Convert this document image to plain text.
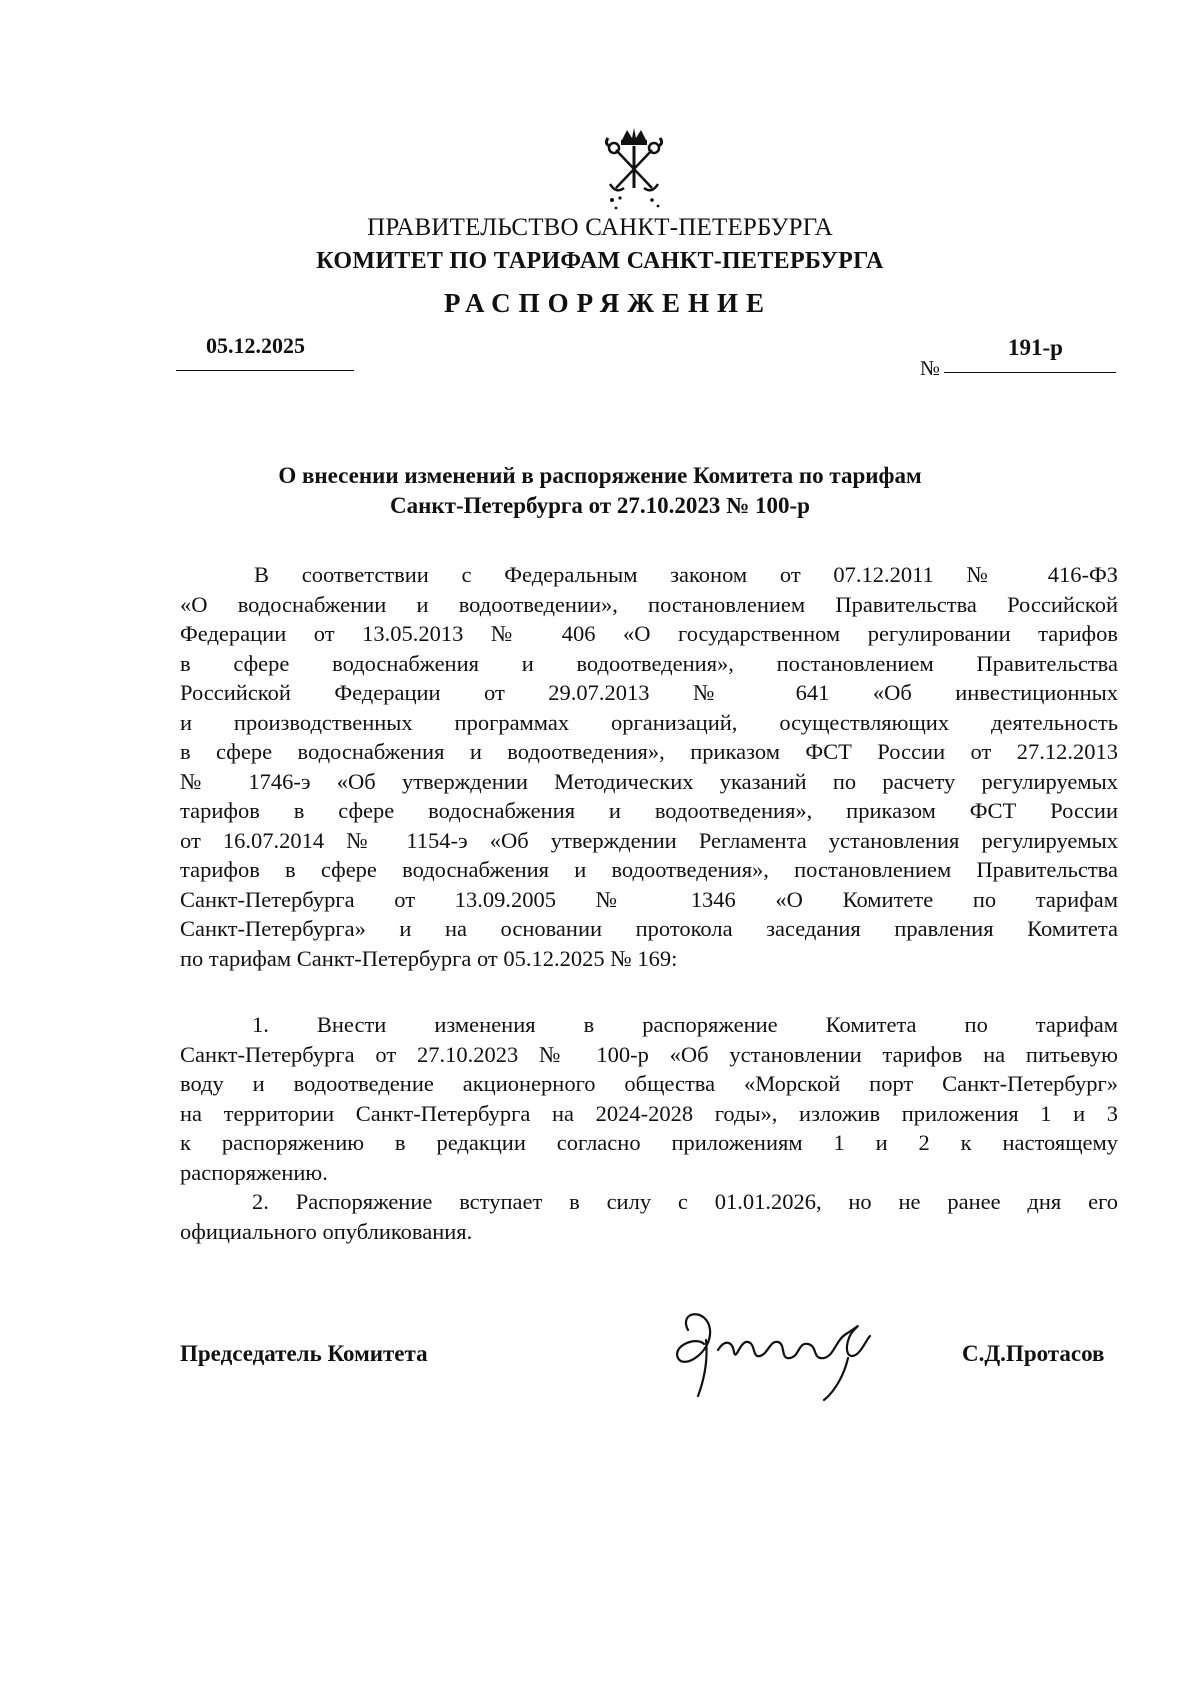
ПРАВИТЕЛЬСТВО САНКТ-ПЕТЕРБУРГА
КОМИТЕТ ПО ТАРИФАМ САНКТ-ПЕТЕРБУРГА
РАСПОРЯЖЕНИЕ
05.12.2025	191-р
№
О внесении изменений в распоряжение Комитета по тарифам
Санкт-Петербурга от 27.10.2023 № 100-р
В соответствии с Федеральным законом от 07.12.2011 № 416-ФЗ
«О водоснабжении и водоотведении», постановлением Правительства Российской
Федерации от 13.05.2013 № 406 «О государственном регулировании тарифов
в сфере водоснабжения и водоотведения», постановлением Правительства
Российской Федерации от 29.07.2013 № 641 «Об инвестиционных
и производственных программах организаций, осуществляющих деятельность
в сфере водоснабжения и водоотведения», приказом ФСТ России от 27.12.2013
№ 1746-э «Об утверждении Методических указаний по расчету регулируемых
тарифов в сфере водоснабжения и водоотведения», приказом ФСТ России
от 16.07.2014 № 1154-э «Об утверждении Регламента установления регулируемых
тарифов в сфере водоснабжения и водоотведения», постановлением Правительства
Санкт-Петербурга от 13.09.2005 № 1346 «О Комитете по тарифам
Санкт-Петербурга» и на основании протокола заседания правления Комитета
по тарифам Санкт-Петербурга от 05.12.2025 № 169:
1. Внести изменения в распоряжение Комитета по тарифам
Санкт-Петербурга от 27.10.2023 № 100-р «Об установлении тарифов на питьевую
воду и водоотведение акционерного общества «Морской порт Санкт-Петербург»
на территории Санкт-Петербурга на 2024-2028 годы», изложив приложения 1 и 3
к распоряжению в редакции согласно приложениям 1 и 2 к настоящему
распоряжению.
2. Распоряжение вступает в силу с 01.01.2026, но не ранее дня его
официального опубликования.
Председатель Комитета	С.Д.Протасов
